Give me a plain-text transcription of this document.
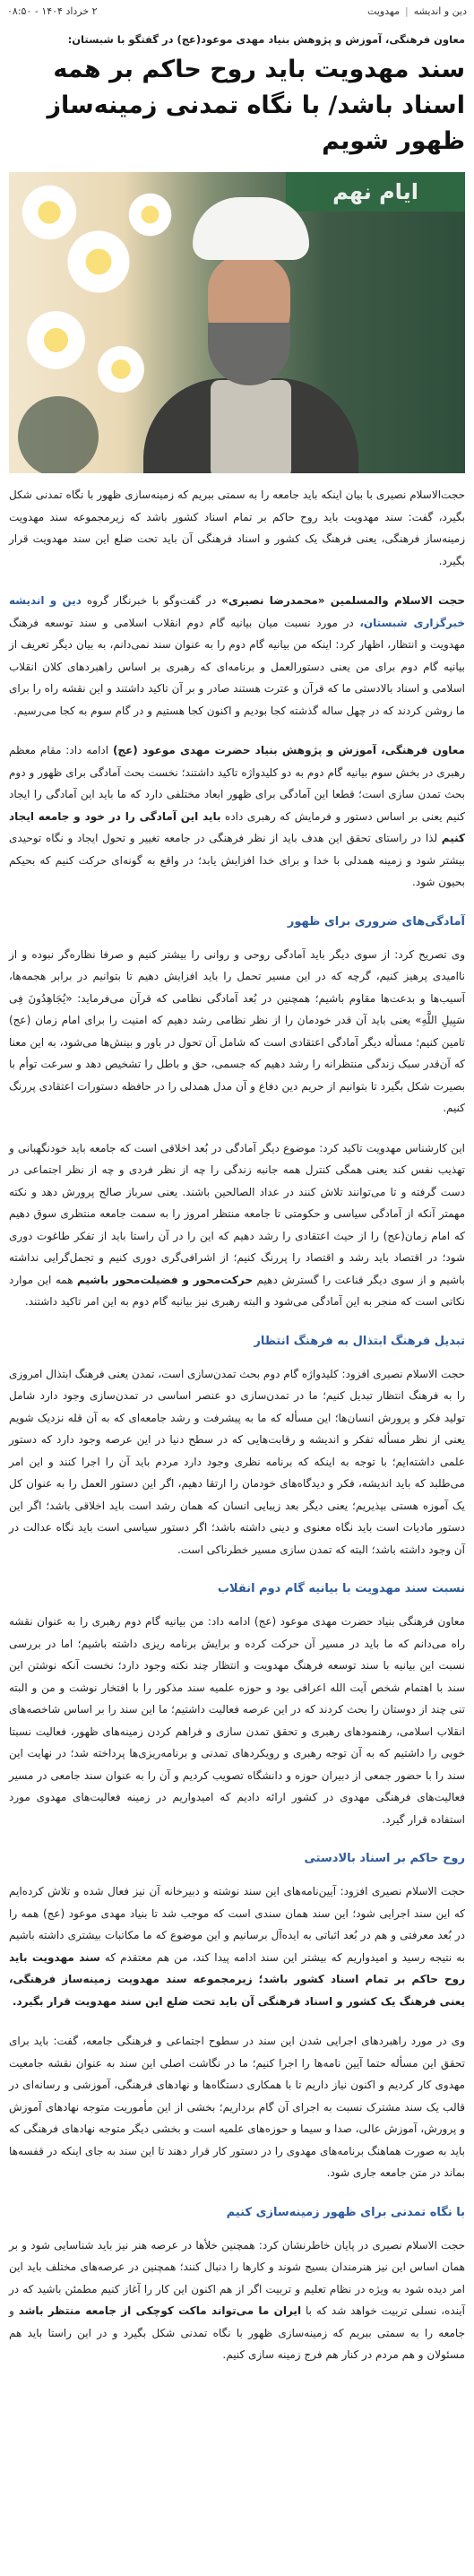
دین و اندیشه
|
مهدویت
۲ خرداد ۱۴۰۴ - ۰۸:۵۰
معاون فرهنگی، آموزش و پژوهش بنیاد مهدی موعود(عج) در گفتگو با شبستان:
سند مهدویت باید روح حاکم بر همه اسناد باشد/ با نگاه تمدنی زمینه‌ساز ظهور شویم
ایام نهم

حجت‌الاسلام نصیری با بیان اینکه باید جامعه را به سمتی ببریم که زمینه‌سازی ظهور با نگاه تمدنی شکل بگیرد، گفت: سند مهدویت باید روح حاکم بر تمام اسناد کشور باشد که زیرمجموعه سند مهدویت زمینه‌ساز فرهنگی، یعنی فرهنگ یک کشور و اسناد فرهنگی آن باید تحت ضلع این سند مهدویت قرار بگیرد.

حجت الاسلام والمسلمین «محمدرضا نصیری» در گفت‌وگو با خبرنگار گروه دین و اندیشه خبرگزاری شبستان، در مورد نسبت میان بیانیه گام دوم انقلاب اسلامی و سند توسعه فرهنگ مهدویت و انتظار، اظهار کرد: اینکه من بیانیه گام دوم را به عنوان سند نمی‌دانم، به بیان دیگر تعریف از بیانیه گام دوم برای من یعنی دستورالعمل و برنامه‌ای که رهبری بر اساس راهبردهای کلان انقلاب اسلامی و اسناد بالادستی ما که قرآن و عترت هستند صادر و بر آن تاکید داشتند و این نقشه راه را برای ما روشن کردند که در چهل ساله گذشته کجا بودیم و اکنون کجا هستیم و در گام سوم به کجا می‌رسیم.

معاون فرهنگی، آموزش و پژوهش بنیاد حضرت مهدی موعود (عج) ادامه داد: مقام معظم رهبری در بخش سوم بیانیه گام دوم به دو کلیدواژه تاکید داشتند؛ نخست بحث آمادگی برای ظهور و دوم بحث تمدن سازی است؛ قطعا این آمادگی برای ظهور ابعاد مختلفی دارد که ما باید این آمادگی را ایجاد کنیم یعنی بر اساس دستور و فرمایش که رهبری داده باید این آمادگی را در خود و جامعه ایجاد کنیم لذا در راستای تحقق این هدف باید از نظر فرهنگی در جامعه تغییر و تحول ایجاد و نگاه توحیدی بیشتر شود و زمینه همدلی با خدا و برای خدا افزایش یابد؛ در واقع به گونه‌ای حرکت کنیم که بحیکم بحیون شود.

آمادگی‌های ضروری برای ظهور

وی تصریح کرد: از سوی دیگر باید آمادگی روحی و روانی را بیشتر کنیم و صرفا نظاره‌گر نبوده و از ناامیدی پرهیز کنیم، گرچه که در این مسیر تحمل را باید افزایش دهیم تا بتوانیم در برابر هجمه‌ها، آسیب‌ها و بدعت‌ها مقاوم باشیم؛ همچنین در بُعد آمادگی نظامی که قرآن می‌فرماید: «یُجَاهِدُونَ فِی سَبِیلِ اللَّهِ» یعنی باید آن قدر خودمان را از نظر نظامی رشد دهیم که امنیت را برای امام زمان (عج) تامین کنیم؛ مسأله دیگر آمادگی اعتقادی است که شامل آن تحول در باور و بینش‌ها می‌شود، به این معنا که آن‌قدر سبک زندگی منتظرانه را رشد دهیم که جسمی، حق و باطل را تشخیص دهد و سرعت توأم با بصیرت شکل بگیرد تا بتوانیم از حریم دین دفاع و آن مدل همدلی را در حافظه دستورات اعتقادی پررنگ کنیم.

این کارشناس مهدویت تاکید کرد: موضوع دیگر آمادگی در بُعد اخلاقی است که جامعه باید خودنگهبانی و تهذیب نفس کند یعنی همگی کنترل همه جانبه زندگی را چه از نظر فردی و چه از نظر اجتماعی در دست گرفته و تا می‌توانند تلاش کنند در عداد الصالحین باشند. یعنی سرباز صالح پرورش دهد و نکته مهمتر آنکه از آمادگی سیاسی و حکومتی تا جامعه منتظر امروز را به سمت جامعه منتظری سوق دهیم که امام زمان(عج) را از حیث اعتقادی را رشد دهیم که این را در آن راستا باید از تفکر طاغوت دوری شود؛ در اقتصاد باید رشد و اقتصاد را پررنگ کنیم؛ از اشرافی‌گری دوری کنیم و تجمل‌گرایی نداشته باشیم و از سوی دیگر قناعت را گسترش دهیم حرکت‌محور و فضیلت‌محور باشیم همه این موارد نکاتی است که منجر به این آمادگی می‌شود و البته رهبری نیز بیانیه گام دوم به این امر تاکید داشتند.

تبدیل فرهنگ ابتذال به فرهنگ انتظار

حجت الاسلام نصیری افزود: کلیدواژه گام دوم بحث تمدن‌سازی است، تمدن یعنی فرهنگ ابتذال امروزی را به فرهنگ انتظار تبدیل کنیم؛ ما در تمدن‌سازی دو عنصر اساسی در تمدن‌سازی وجود دارد شامل تولید فکر و پرورش انسان‌ها؛ این مسأله که ما به پیشرفت و رشد جامعه‌ای که به آن قله نزدیک شویم یعنی از نظر مسأله تفکر و اندیشه و رقابت‌هایی که در سطح دنیا در این عرصه وجود دارد که دستور علمی داشته‌ایم؛ با توجه به اینکه که برنامه نظری وجود دارد مردم باید آن را اجرا کنند و این امر می‌طلبد که باید اندیشه، فکر و دیدگاه‌های خودمان را ارتقا دهیم، اگر این دستور العمل را به عنوان کل یک آموزه هستی بپذیریم؛ یعنی دیگر بعد زیبایی انسان که همان رشد است باید اخلاقی باشد؛ اگر این دستور مادیات است باید نگاه معنوی و دینی داشته باشد؛ اگر دستور سیاسی است باید نگاه عدالت در آن وجود داشته باشد؛ البته که تمدن سازی مسیر خطرناکی است.

نسبت سند مهدویت با بیانیه گام دوم انقلاب

معاون فرهنگی بنیاد حضرت مهدی موعود (عج) ادامه داد: من بیانیه گام دوم رهبری را به عنوان نقشه راه می‌دانم که ما باید در مسیر آن حرکت کرده و برایش برنامه ریزی داشته باشیم؛ اما در بررسی نسبت این بیانیه با سند توسعه فرهنگ مهدویت و انتظار چند نکته وجود دارد؛ نخست آنکه نوشتن این سند با اهتمام شخص آیت الله اعرافی بود و حوزه علمیه سند مذکور را با افتخار نوشت و من و البته تنی چند از دوستان را بحث کردند که در این عرصه فعالیت داشتیم؛ ما این سند را بر اساس شاخصه‌های انقلاب اسلامی، رهنمودهای رهبری و تحقق تمدن سازی و فراهم کردن زمینه‌های ظهور، فعالیت نسبتا خوبی را داشتیم که به آن توجه رهبری و رویکردهای تمدنی و برنامه‌ریزی‌ها پرداخته شد؛ در نهایت این سند را با حضور جمعی از دبیران حوزه و دانشگاه تصویب کردیم و آن را به عنوان سند جامعی در مسیر فعالیت‌های فرهنگی مهدوی در کشور ارائه دادیم که امیدواریم در زمینه فعالیت‌های مهدوی مورد استفاده قرار گیرد.

روح حاکم بر اسناد بالادستی

حجت الاسلام نصیری افزود: آیین‌نامه‌های این سند نوشته و دبیرخانه آن نیز فعال شده و تلاش کرده‌ایم که این سند اجرایی شود؛ این سند همان سندی است که موجب شد تا بنیاد مهدی موعود (عج) همه را در بُعد معرفتی و هم در بُعد اثباتی به ایده‌آل برسانیم و این موضوع که ما مکاتبات بیشتری داشته باشیم به نتیجه رسید و امیدواریم که بیشتر این سند ادامه پیدا کند، من هم معتقدم که سند مهدویت باید روح حاکم بر تمام اسناد کشور باشد؛ زیرمجموعه سند مهدویت زمینه‌ساز فرهنگی، یعنی فرهنگ یک کشور و اسناد فرهنگی آن باید تحت ضلع این سند مهدویت قرار بگیرد.

وی در مورد راهبردهای اجرایی شدن این سند در سطوح اجتماعی و فرهنگی جامعه، گفت: باید برای تحقق این مسأله حتما آیین نامه‌ها را اجرا کنیم؛ ما در نگاشت اصلی این سند به عنوان نقشه جامعیت مهدوی کار کردیم و اکنون نیاز داریم تا با همکاری دستگاه‌ها و نهادهای فرهنگی، آموزشی و رسانه‌ای در قالب یک سند مشترک نسبت به اجرای آن گام برداریم؛ بخشی از این مأموریت متوجه نهادهای آموزش و پرورش، آموزش عالی، صدا و سیما و حوزه‌های علمیه است و بخشی دیگر متوجه نهادهای فرهنگی که باید به صورت هماهنگ برنامه‌های مهدوی را در دستور کار قرار دهند تا این سند به جای اینکه در قفسه‌ها بماند در متن جامعه جاری شود.

با نگاه تمدنی برای ظهور زمینه‌سازی کنیم

حجت الاسلام نصیری در پایان خاطرنشان کرد: همچنین خلأها در عرصه هنر نیز باید شناسایی شود و بر همان اساس این نیز هنرمندان بسیج شوند و کارها را دنبال کنند؛ همچنین در عرصه‌های مختلف باید این امر دیده شود به ویژه در نظام تعلیم و تربیت اگر از هم اکنون این کار را آغاز کنیم مطمئن باشید که در آینده، نسلی تربیت خواهد شد که با ایران ما می‌تواند ماکت کوچکی از جامعه منتظر باشد و جامعه را به سمتی ببریم که زمینه‌سازی ظهور با نگاه تمدنی شکل بگیرد و در این راستا باید هم مسئولان و هم مردم در کنار هم فرج زمینه سازی کنیم.
